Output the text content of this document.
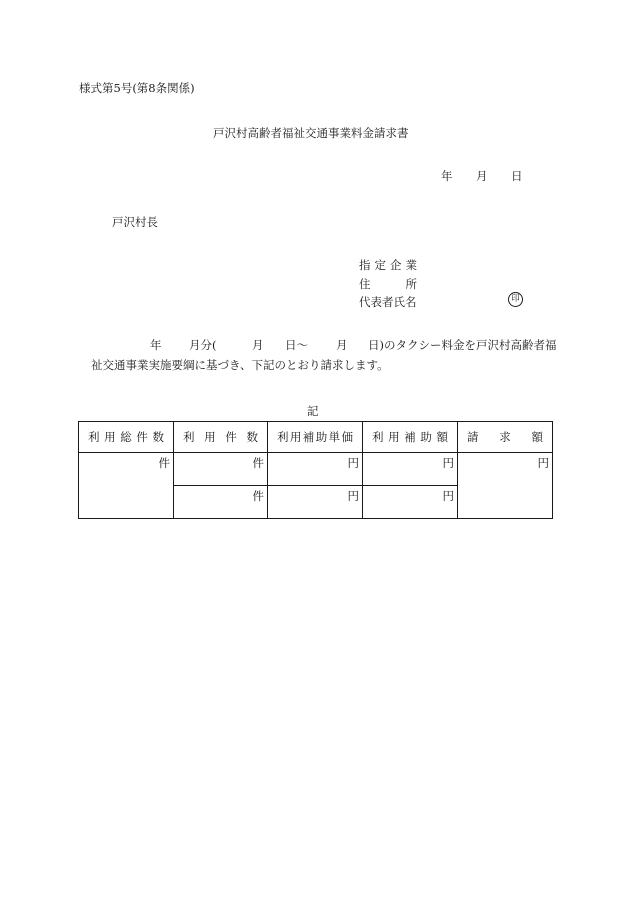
様式第5号(第8条関係)
戸沢村高齢者福祉交通事業料金請求書
年 月 日
戸沢村長
指定企業
住所
代表者氏名	印
年 月分(	月 日〜 月 日)のタクシー料金を戸沢村高齢者福
祉交通事業実施要綱に基づき、下記のとおり請求します。
記
利用総件数	利用件数	利用補助単価	利用補助額	請求額
件	件	円	円	円
	件	円	円	
